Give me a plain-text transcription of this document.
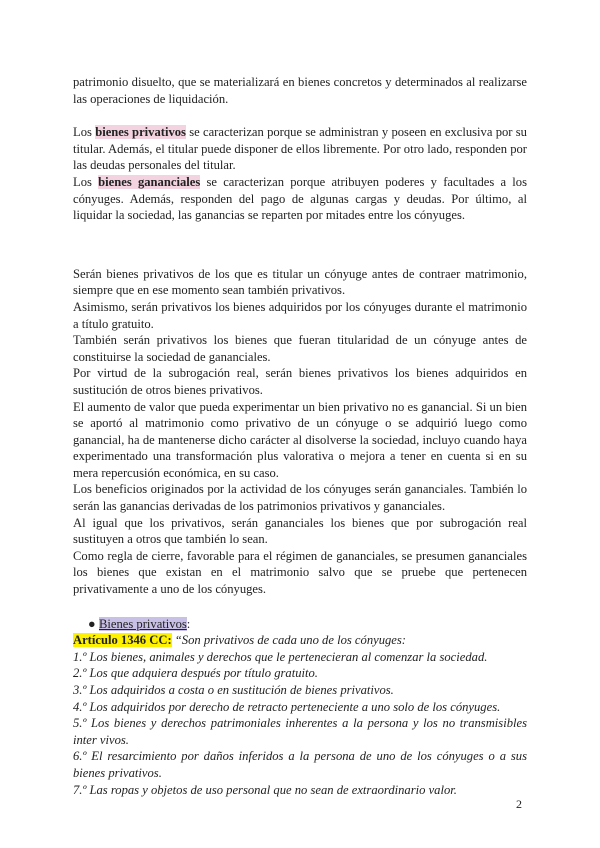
patrimonio disuelto, que se materializará en bienes concretos y determinados al realizarse las operaciones de liquidación.

Los bienes privativos se caracterizan porque se administran y poseen en exclusiva por su titular. Además, el titular puede disponer de ellos libremente. Por otro lado, responden por las deudas personales del titular.

Los bienes gananciales se caracterizan porque atribuyen poderes y facultades a los cónyuges. Además, responden del pago de algunas cargas y deudas. Por último, al liquidar la sociedad, las ganancias se reparten por mitades entre los cónyuges.

Serán bienes privativos de los que es titular un cónyuge antes de contraer matrimonio, siempre que en ese momento sean también privativos.

Asimismo, serán privativos los bienes adquiridos por los cónyuges durante el matrimonio a título gratuito.

También serán privativos los bienes que fueran titularidad de un cónyuge antes de constituirse la sociedad de gananciales.

Por virtud de la subrogación real, serán bienes privativos los bienes adquiridos en sustitución de otros bienes privativos.

El aumento de valor que pueda experimentar un bien privativo no es ganancial. Si un bien se aportó al matrimonio como privativo de un cónyuge o se adquirió luego como ganancial, ha de mantenerse dicho carácter al disolverse la sociedad, incluyo cuando haya experimentado una transformación plus valorativa o mejora a tener en cuenta si en su mera repercusión económica, en su caso.

Los beneficios originados por la actividad de los cónyuges serán gananciales. También lo serán las ganancias derivadas de los patrimonios privativos y gananciales.

Al igual que los privativos, serán gananciales los bienes que por subrogación real sustituyen a otros que también lo sean.

Como regla de cierre, favorable para el régimen de gananciales, se presumen gananciales los bienes que existan en el matrimonio salvo que se pruebe que pertenecen privativamente a uno de los cónyuges.

● Bienes privativos:

Artículo 1346 CC: “Son privativos de cada uno de los cónyuges:

1.º Los bienes, animales y derechos que le pertenecieran al comenzar la sociedad.

2.º Los que adquiera después por título gratuito.

3.º Los adquiridos a costa o en sustitución de bienes privativos.

4.º Los adquiridos por derecho de retracto perteneciente a uno solo de los cónyuges.

5.º Los bienes y derechos patrimoniales inherentes a la persona y los no transmisibles inter vivos.

6.º El resarcimiento por daños inferidos a la persona de uno de los cónyuges o a sus bienes privativos.

7.º Las ropas y objetos de uso personal que no sean de extraordinario valor.

2
